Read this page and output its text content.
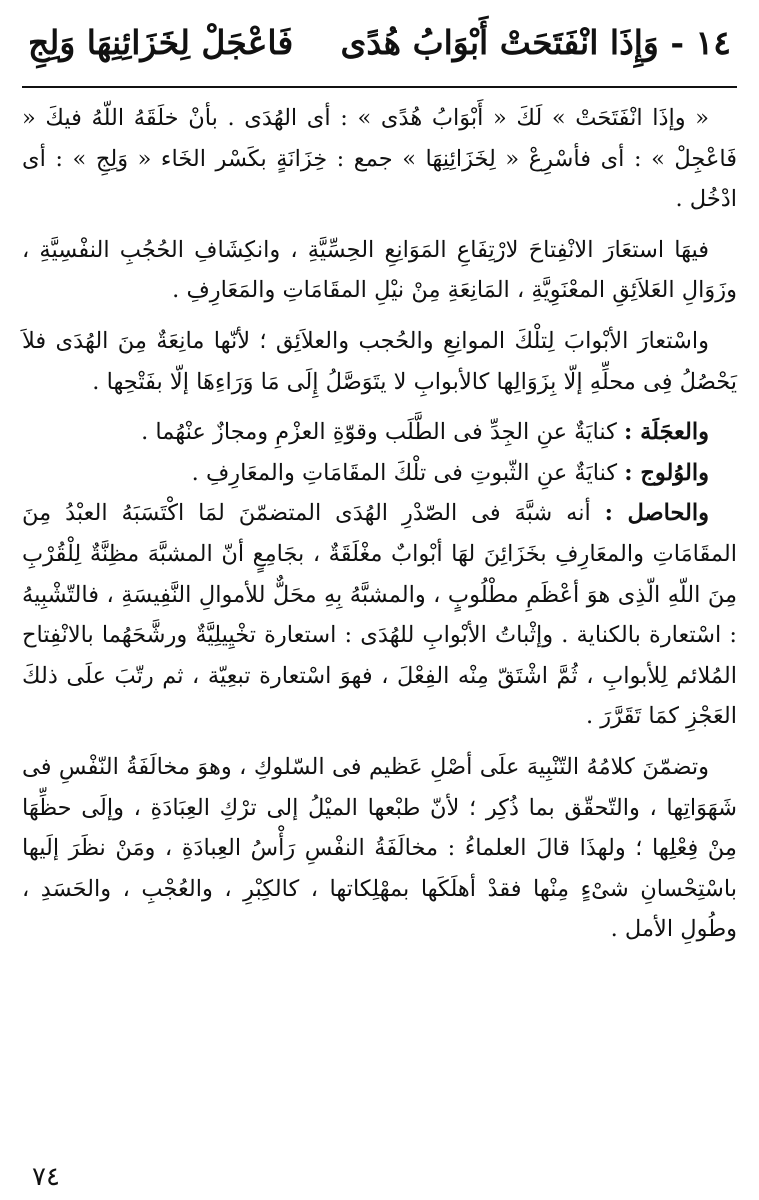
١٤ - وَإِذَا انْفَتَحَتْ أَبْوَابُ هُدًى
فَاعْجَلْ لِخَزَائِنِهَا وَلِجِ

« وإذَا انْفَتَحَتْ » لَكَ « أَبْوَابُ هُدًى » : أى الهُدَى . بأنْ خلَقَهُ اللّهُ فيكَ « فَاعْجِلْ » : أى فأسْرِعْ « لِخَزَائِنِهَا » جمع : خِزَانَةٍ بكَسْر الخَاء « وَلِجِ » : أى ادْخُل .

فيهَا استعَارَ الانْفِتاحَ لارْتِفَاعِ المَوَانِعِ الحِسِّيَّةِ ، وانكِشَافِ الحُجُبِ النفْسِيَّةِ ، وزَوَالِ العَلاَئِقِ المعْنَوِيَّةِ ، المَانِعَةِ مِنْ نيْلِ المقَامَاتِ والمَعَارِفِ .

واسْتعارَ الأبْوابَ لِتلْكَ الموانِعِ والحُجب والعلاَئِق ؛ لأنّها مانِعَةٌ مِنَ الهُدَى فلاَ يَحْصُلُ فِى محلِّهِ إلّا بِزَوَالِها كالأبوابِ لا يتَوَصَّلُ إِلَى مَا وَرَاءِهَا إلّا بفَتْحِها .

والعجَلَة : كنايَةٌ عنِ الجِدِّ فى الطَّلَب وقوّةِ العزْمِ ومجازٌ عنْهُما .

والوُلوج : كنايَةٌ عنِ الثّبوتِ فى تلْكَ المقَامَاتِ والمعَارِفِ .

والحاصل : أنه شبَّهَ فى الصّدْرِ الهُدَى المتضمّنَ لمَا اكْتَسَبَهُ العبْدُ مِنَ المقَامَاتِ والمعَارِفِ بخَزَائِنَ لهَا أبْوابٌ مغْلَقَةٌ ، بجَامِعٍ أنّ المشبَّهَ مظِنَّةٌ لِلْقُرْبِ مِنَ اللّهِ الّذِى هوَ أعْظَمِ مطْلُوبٍ ، والمشبَّهُ بِهِ محَلٌّ للأموالِ النَّفِيسَةِ ، فالتّشْبِيهُ : اسْتعارة بالكناية . وإثْباتُ الأبْوابِ للهُدَى : استعارة تخْيِيلِيَّةٌ ورشَّحَهُما بالانْفِتاح المُلائم لِلأبوابِ ، ثُمَّ اشْتَقّ مِنْه الفِعْلَ ، فهوَ اسْتعارة تبعِيّة ، ثم رتّبَ علَى ذلكَ العَجْزِ كمَا تَقَرَّرَ .

وتضمّنَ كلامُهُ التّنْبِيهَ علَى أصْلِ عَظيم فى السّلوكِ ، وهوَ مخالَفَةُ النّفْسِ فى شَهَوَاتِها ، والتّحقّق بما ذُكِر ؛ لأنّ طبْعها الميْلُ إلى ترْكِ العِبَادَةِ ، وإلَى حظِّهَا مِنْ فِعْلِها ؛ ولهذَا قالَ العلماءُ : مخالَفَةُ النفْسِ رَأْسُ العِبادَةِ ، ومَنْ نظَرَ إلَيها باسْتِحْسانِ شىْءٍ مِنْها فقدْ أهلَكَها بمهْلِكاتها ، كالكِبْرِ ، والعُجْبِ ، والحَسَدِ ، وطُولِ الأمل .

٧٤
